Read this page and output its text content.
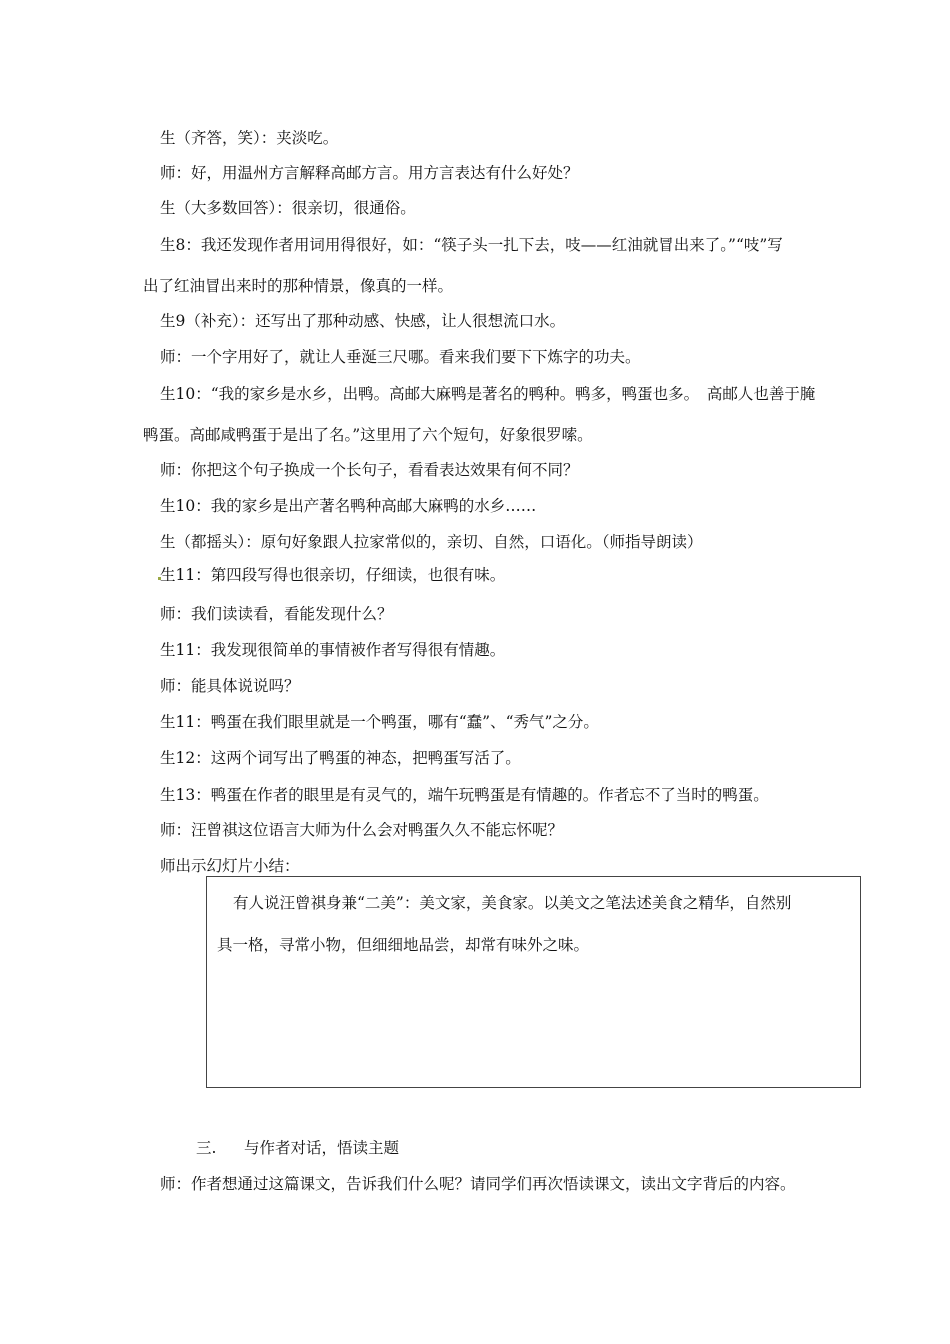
生（齐答，笑）：夹淡吃。

师：好，用温州方言解释高邮方言。用方言表达有什么好处？

生（大多数回答）：很亲切，很通俗。

生8：我还发现作者用词用得很好，如：“筷子头一扎下去，吱——红油就冒出来了。”“吱”写

出了红油冒出来时的那种情景，像真的一样。

生9（补充）：还写出了那种动感、快感，让人很想流口水。

师：一个字用好了，就让人垂涎三尺哪。看来我们要下下炼字的功夫。

生10：“我的家乡是水乡，出鸭。高邮大麻鸭是著名的鸭种。鸭多，鸭蛋也多。　高邮人也善于腌

鸭蛋。高邮咸鸭蛋于是出了名。”这里用了六个短句，好象很罗嗦。

师：你把这个句子换成一个长句子，看看表达效果有何不同？

生10：我的家乡是出产著名鸭种高邮大麻鸭的水乡……

生（都摇头）：原句好象跟人拉家常似的，亲切、自然，口语化。（师指导朗读）

生11：第四段写得也很亲切，仔细读，也很有味。

师：我们读读看，看能发现什么？

生11：我发现很简单的事情被作者写得很有情趣。

师：能具体说说吗？

生11：鸭蛋在我们眼里就是一个鸭蛋，哪有“蠢”、“秀气”之分。

生12：这两个词写出了鸭蛋的神态，把鸭蛋写活了。

生13：鸭蛋在作者的眼里是有灵气的，端午玩鸭蛋是有情趣的。作者忘不了当时的鸭蛋。

师：汪曾祺这位语言大师为什么会对鸭蛋久久不能忘怀呢？

师出示幻灯片小结：

有人说汪曾祺身兼“二美”：美文家，美食家。以美文之笔法述美食之精华，自然别

具一格，寻常小物，但细细地品尝，却常有味外之味。

三. 与作者对话，悟读主题

师：作者想通过这篇课文，告诉我们什么呢？请同学们再次悟读课文，读出文字背后的内容。
